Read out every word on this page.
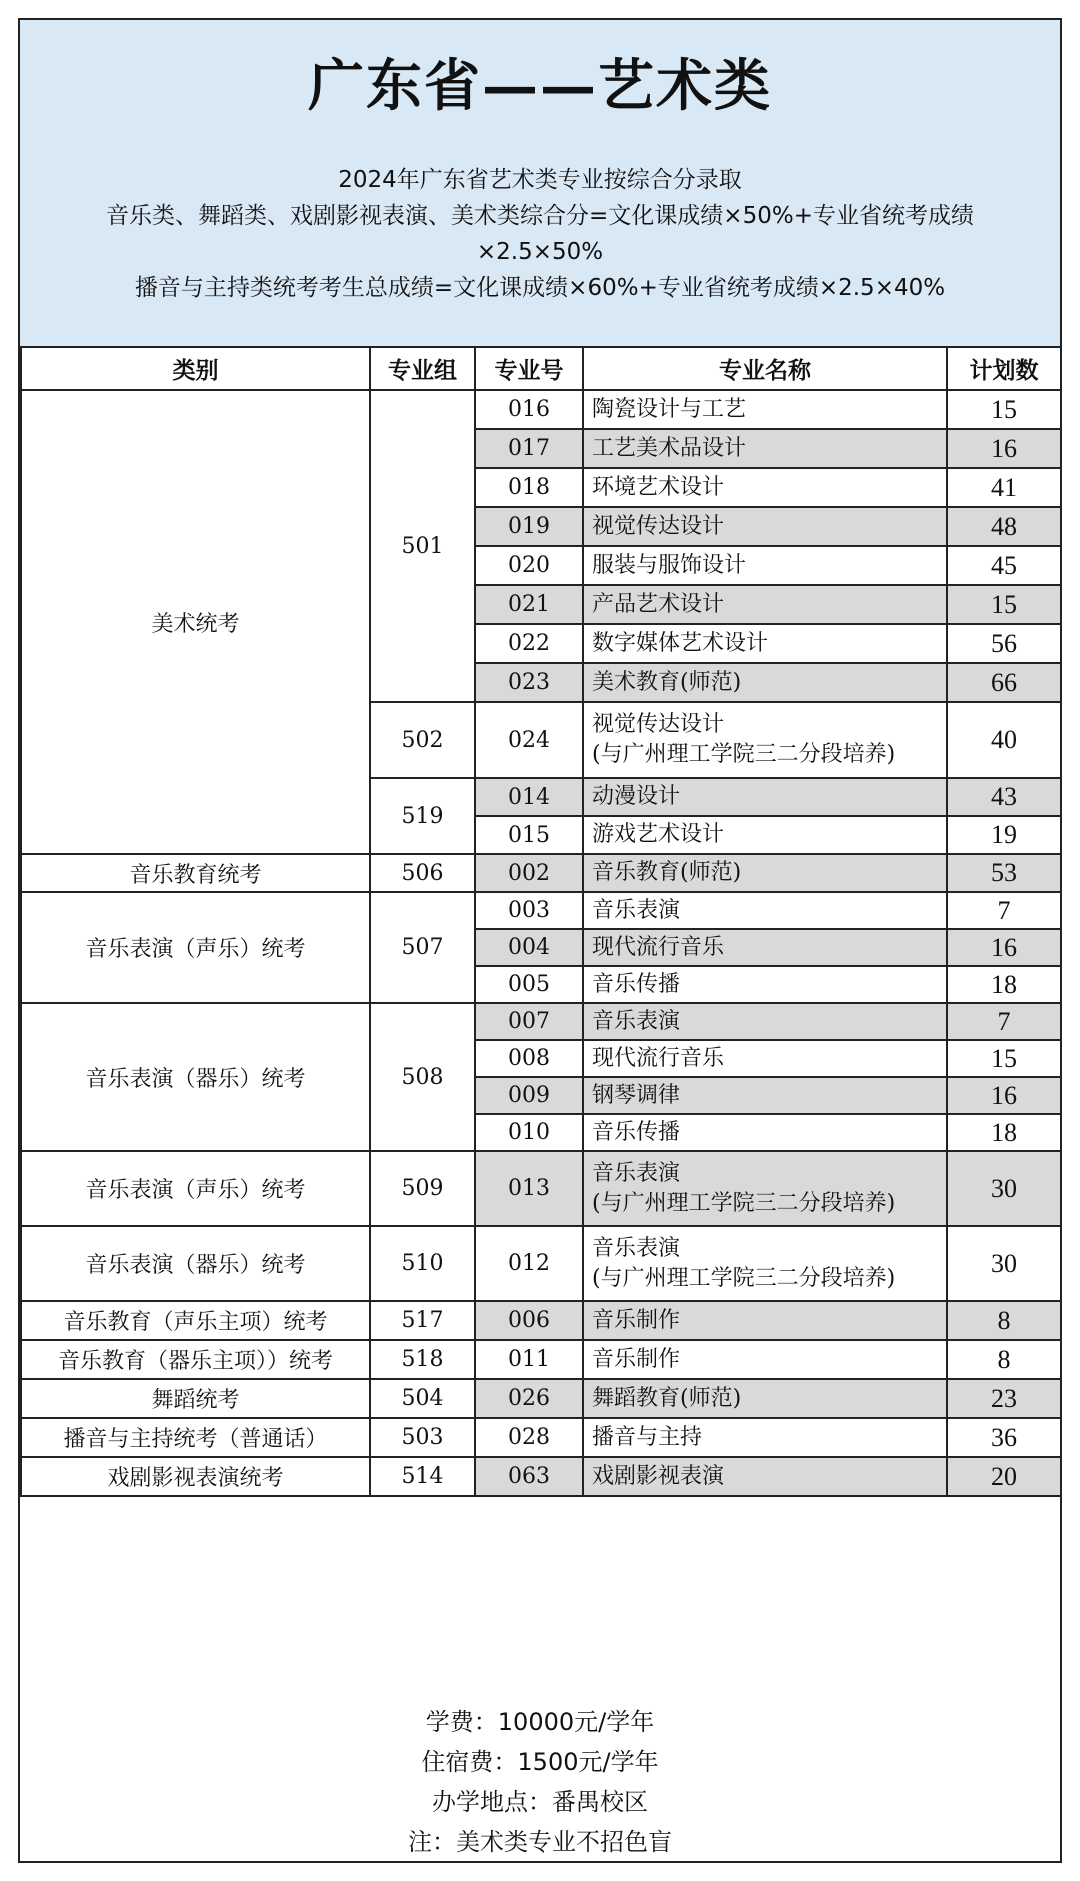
广东省——艺术类
2024年广东省艺术类专业按综合分录取
音乐类、舞蹈类、戏剧影视表演、美术类综合分=文化课成绩×50%+专业省统考成绩
×2.5×50%
播音与主持类统考考生总成绩=文化课成绩×60%+专业省统考成绩×2.5×40%
类别	专业组	专业号	专业名称	计划数
美术统考	501	016	陶瓷设计与工艺	15
		017	工艺美术品设计	16
		018	环境艺术设计	41
		019	视觉传达设计	48
		020	服装与服饰设计	45
		021	产品艺术设计	15
		022	数字媒体艺术设计	56
		023	美术教育(师范)	66
	502	024	视觉传达设计
(与广州理工学院三二分段培养)	40
	519	014	动漫设计	43
		015	游戏艺术设计	19
音乐教育统考	506	002	音乐教育(师范)	53
音乐表演（声乐）统考	507	003	音乐表演	7
		004	现代流行音乐	16
		005	音乐传播	18
音乐表演（器乐）统考	508	007	音乐表演	7
		008	现代流行音乐	15
		009	钢琴调律	16
		010	音乐传播	18
音乐表演（声乐）统考	509	013	音乐表演
(与广州理工学院三二分段培养)	30
音乐表演（器乐）统考	510	012	音乐表演
(与广州理工学院三二分段培养)	30
音乐教育（声乐主项）统考	517	006	音乐制作	8
音乐教育（器乐主项））统考	518	011	音乐制作	8
舞蹈统考	504	026	舞蹈教育(师范)	23
播音与主持统考（普通话）	503	028	播音与主持	36
戏剧影视表演统考	514	063	戏剧影视表演	20
学费：10000元/学年
住宿费：1500元/学年
办学地点：番禺校区
注：美术类专业不招色盲
